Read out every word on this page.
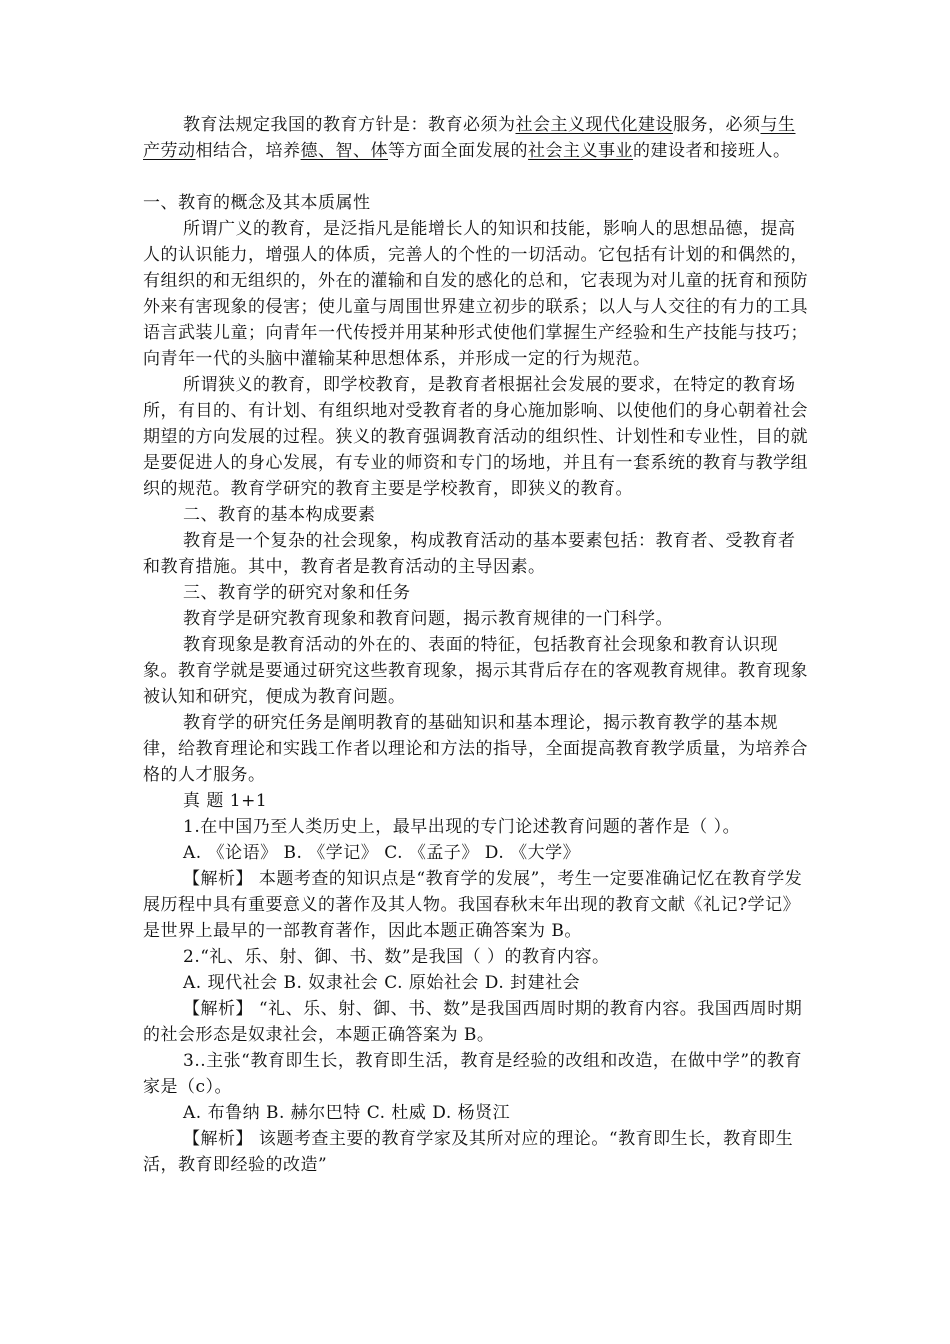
教育法规定我国的教育方针是：教育必须为社会主义现代化建设服务，必须与生产劳动相结合，培养德、智、体等方面全面发展的社会主义事业的建设者和接班人。

一、教育的概念及其本质属性

所谓广义的教育，是泛指凡是能增长人的知识和技能，影响人的思想品德，提高人的认识能力，增强人的体质，完善人的个性的一切活动。它包括有计划的和偶然的，有组织的和无组织的，外在的灌输和自发的感化的总和，它表现为对儿童的抚育和预防外来有害现象的侵害；使儿童与周围世界建立初步的联系；以人与人交往的有力的工具语言武装儿童；向青年一代传授并用某种形式使他们掌握生产经验和生产技能与技巧；向青年一代的头脑中灌输某种思想体系，并形成一定的行为规范。

所谓狭义的教育，即学校教育，是教育者根据社会发展的要求，在特定的教育场所，有目的、有计划、有组织地对受教育者的身心施加影响、以使他们的身心朝着社会期望的方向发展的过程。狭义的教育强调教育活动的组织性、计划性和专业性，目的就是要促进人的身心发展，有专业的师资和专门的场地，并且有一套系统的教育与教学组织的规范。教育学研究的教育主要是学校教育，即狭义的教育。

二、教育的基本构成要素

教育是一个复杂的社会现象，构成教育活动的基本要素包括：教育者、受教育者和教育措施。其中，教育者是教育活动的主导因素。

三、教育学的研究对象和任务

教育学是研究教育现象和教育问题，揭示教育规律的一门科学。

教育现象是教育活动的外在的、表面的特征，包括教育社会现象和教育认识现象。教育学就是要通过研究这些教育现象，揭示其背后存在的客观教育规律。教育现象被认知和研究，便成为教育问题。

教育学的研究任务是阐明教育的基础知识和基本理论，揭示教育教学的基本规律，给教育理论和实践工作者以理论和方法的指导，全面提高教育教学质量，为培养合格的人才服务。

真 题 1+1

1.在中国乃至人类历史上，最早出现的专门论述教育问题的著作是（ ）。

A. 《论语》 B. 《学记》 C. 《孟子》 D. 《大学》

【解析】 本题考查的知识点是“教育学的发展”，考生一定要准确记忆在教育学发展历程中具有重要意义的著作及其人物。我国春秋末年出现的教育文献《礼记?学记》是世界上最早的一部教育著作，因此本题正确答案为 B。

2.“礼、乐、射、御、书、数”是我国（ ）的教育内容。

A. 现代社会 B. 奴隶社会 C. 原始社会 D. 封建社会

【解析】 “礼、乐、射、御、书、数”是我国西周时期的教育内容。我国西周时期的社会形态是奴隶社会，本题正确答案为 B。

3..主张“教育即生长，教育即生活，教育是经验的改组和改造，在做中学”的教育家是（c）。

A. 布鲁纳 B. 赫尔巴特 C. 杜威 D. 杨贤江

【解析】 该题考查主要的教育学家及其所对应的理论。“教育即生长，教育即生活，教育即经验的改造”
